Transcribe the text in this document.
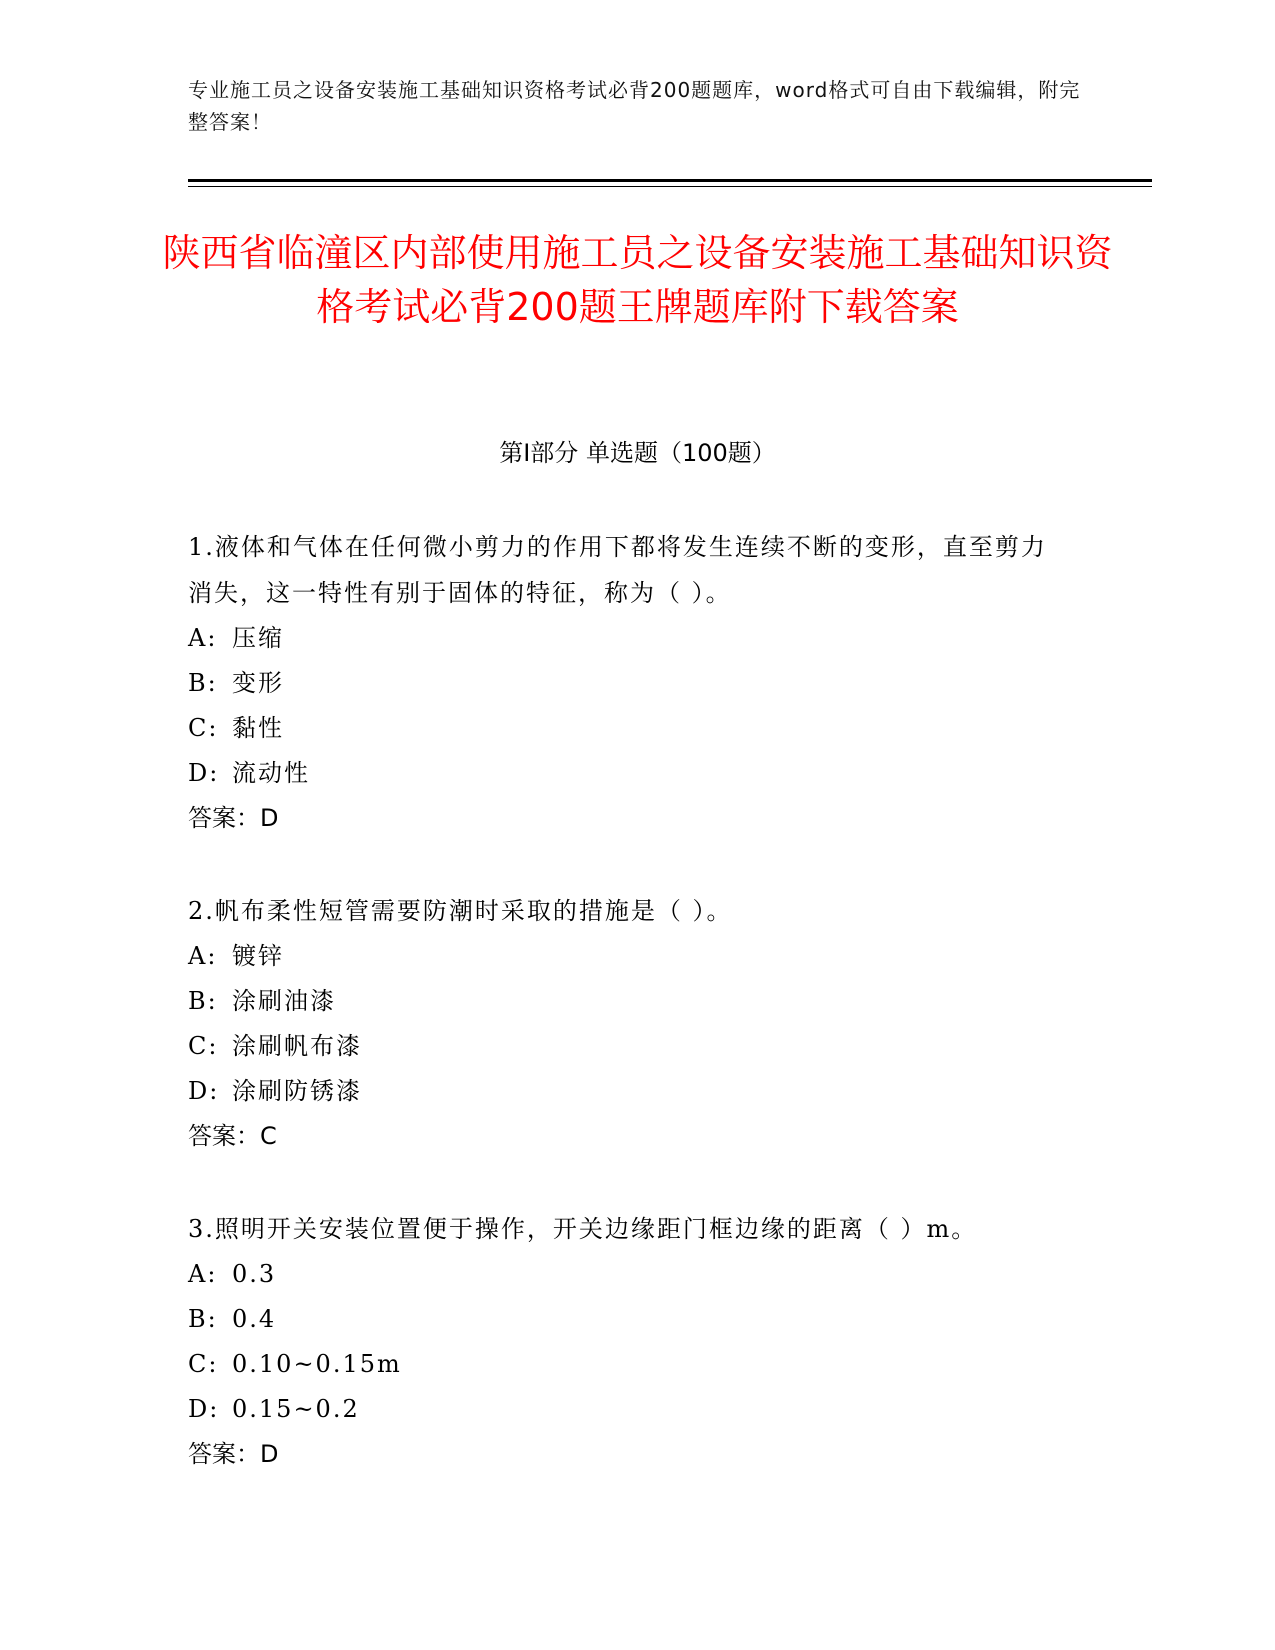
专业施工员之设备安装施工基础知识资格考试必背200题题库，word格式可自由下载编辑，附完整答案！
陕西省临潼区内部使用施工员之设备安装施工基础知识资格考试必背200题王牌题库附下载答案
第Ⅰ部分 单选题（100题）
1.液体和气体在任何微小剪力的作用下都将发生连续不断的变形，直至剪力消失，这一特性有别于固体的特征，称为（ ）。
A: 压缩
B: 变形
C: 黏性
D: 流动性
答案：D
2.帆布柔性短管需要防潮时采取的措施是（ ）。
A: 镀锌
B: 涂刷油漆
C: 涂刷帆布漆
D: 涂刷防锈漆
答案：C
3.照明开关安装位置便于操作，开关边缘距门框边缘的距离（ ）m。
A: 0.3
B: 0.4
C: 0.10~0.15m
D: 0.15~0.2
答案：D
